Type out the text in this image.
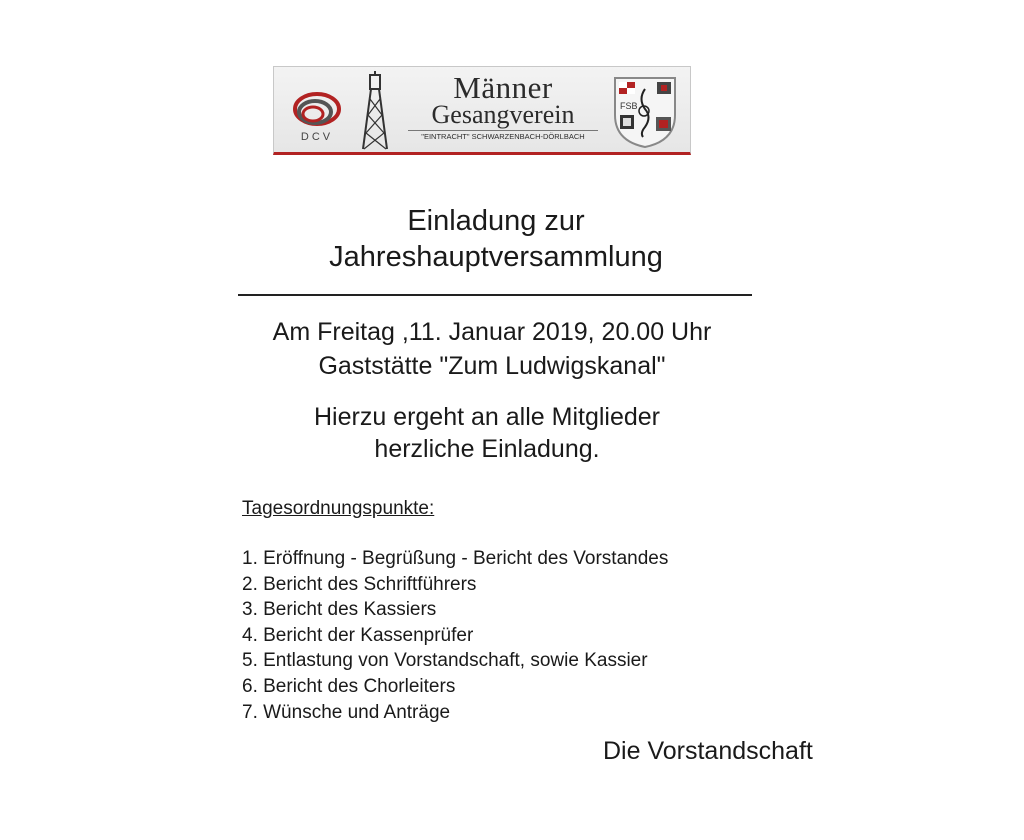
DCV
Männer
Gesangverein
"EINTRACHT" SCHWARZENBACH-DÖRLBACH
FSB
Einladung zur
Jahreshauptversammlung
Am Freitag ,11. Januar 2019, 20.00 Uhr
Gaststätte "Zum Ludwigskanal"
Hierzu ergeht an alle Mitglieder
herzliche Einladung.
Tagesordnungspunkte:
1. Eröffnung - Begrüßung - Bericht des Vorstandes
2. Bericht des Schriftführers
3. Bericht des Kassiers
4. Bericht der Kassenprüfer
5. Entlastung von Vorstandschaft, sowie Kassier
6. Bericht des Chorleiters
7. Wünsche und Anträge
Die Vorstandschaft
